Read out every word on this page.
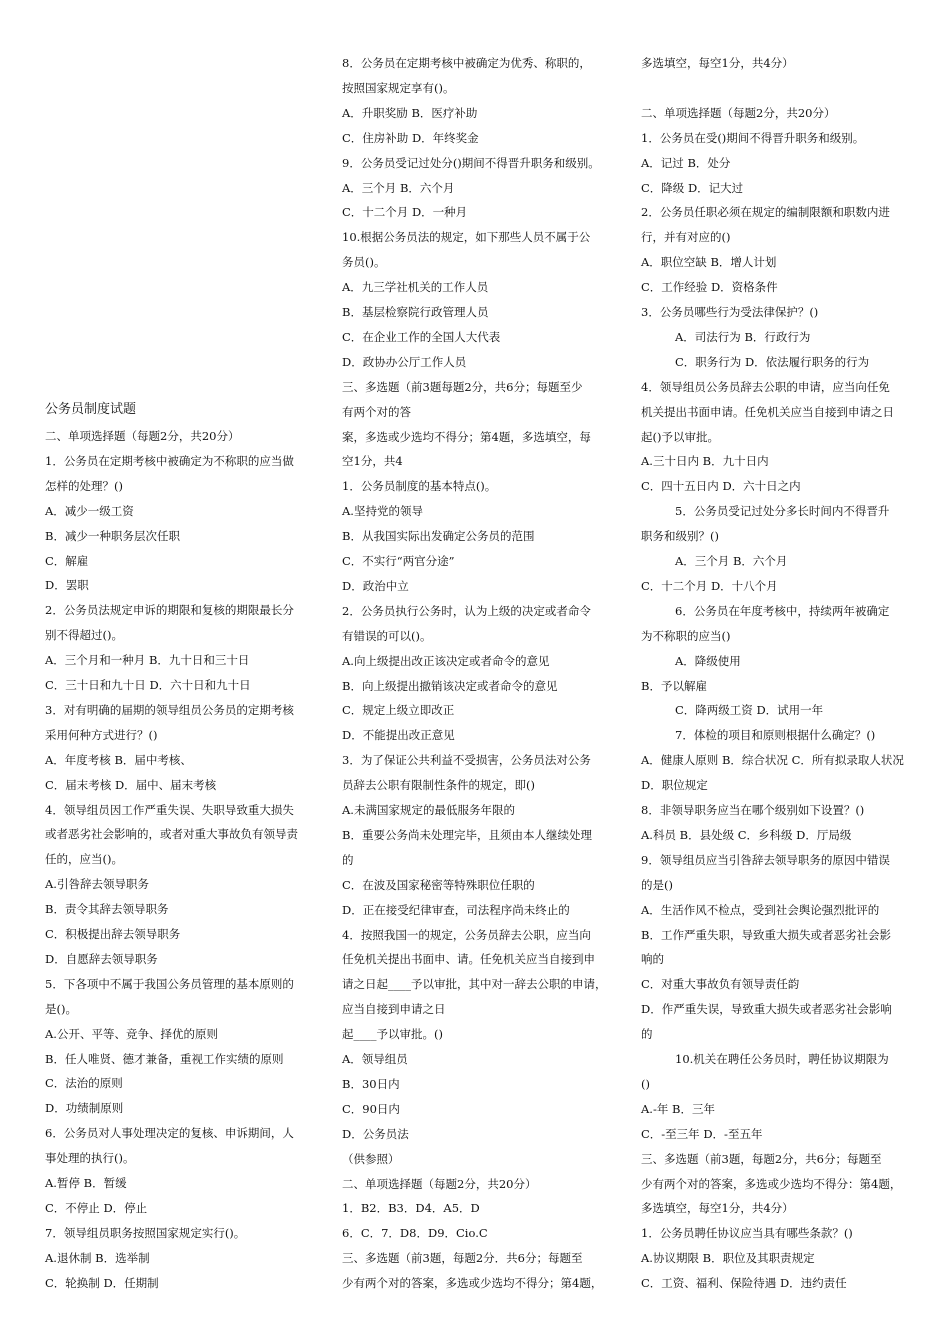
公务员制度试题
二、单项选择题（每题2分，共20分）
1．公务员在定期考核中被确定为不称职的应当做
怎样的处理？()
A．减少一级工资
B．减少一种职务层次任职
C．解雇
D．罢职
2．公务员法规定申诉的期限和复核的期限最长分
别不得超过()。
A．三个月和一种月 B．九十日和三十日
C．三十日和九十日 D．六十日和九十日
3．对有明确的届期的领导组员公务员的定期考核
采用何种方式进行？()
A．年度考核 B．届中考核、
C．届末考核 D．届中、届末考核
4．领导组员因工作严重失误、失职导致重大损失
或者恶劣社会影响的，或者对重大事故负有领导责
任的，应当()。
A.引咎辞去领导职务
B．责令其辞去领导职务
C．积极提出辞去领导职务
D．自愿辞去领导职务
5．下各项中不属于我国公务员管理的基本原则的
是()。
A.公开、平等、竞争、择优的原则
B．任人唯贤、德才兼备，重视工作实绩的原则
C．法治的原则
D．功绩制原则
6．公务员对人事处理决定的复核、申诉期间，人
事处理的执行()。
A.暂停 B．暂缓
C．不停止 D．停止
7．领导组员职务按照国家规定实行()。
A.退休制 B．选举制
C．轮换制 D．任期制
8．公务员在定期考核中被确定为优秀、称职的，
按照国家规定享有()。
A．升职奖励 B．医疗补助
C．住房补助 D．年终奖金
9．公务员受记过处分()期间不得晋升职务和级别。
A．三个月 B．六个月
C．十二个月 D．一种月
10.根据公务员法的规定，如下那些人员不属于公
务员()。
A．九三学社机关的工作人员
B．基层检察院行政管理人员
C．在企业工作的全国人大代表
D．政协办公厅工作人员
三、多选题（前3题每题2分，共6分；每题至少
有两个对的答
案，多选或少选均不得分；第4题，多选填空，每
空1分，共4
1．公务员制度的基本特点()。
A.坚持党的领导
B．从我国实际出发确定公务员的范围
C．不实行“两官分途”
D．政治中立
2．公务员执行公务时，认为上级的决定或者命令
有错误的可以()。
A.向上级提出改正该决定或者命令的意见
B．向上级提出撤销该决定或者命令的意见
C．规定上级立即改正
D．不能提出改正意见
3．为了保证公共利益不受损害，公务员法对公务
员辞去公职有限制性条件的规定，即()
A.未满国家规定的最低服务年限的
B．重要公务尚未处理完毕，且须由本人继续处理
的
C．在波及国家秘密等特殊职位任职的
D．正在接受纪律审查，司法程序尚未终止的
4．按照我国一的规定，公务员辞去公职，应当向
任免机关提出书面申、请。任免机关应当自接到申
请之日起____予以审批，其中对一辞去公职的申请，
应当自接到申请之日
起____予以审批。()
A．领导组员
B．30日内
C．90日内
D．公务员法
（供参照）
二、单项选择题（每题2分，共20分）
1．B2．B3．D4．A5．D
6．C．7．D8．D9．Cio.C
三、多选题（前3题，每题2分．共6分；每题至
少有两个对的答案，多选或少选均不得分；第4题，
多选填空，每空1分，共4分）
二、单项选择题（每题2分，共20分）
1．公务员在受()期间不得晋升职务和级别。
A．记过 B．处分
C．降级 D．记大过
2．公务员任职必须在规定的编制限额和职数内进
行，并有对应的()
A．职位空缺 B．增人计划
C．工作经验 D．资格条件
3．公务员哪些行为受法律保护？()
A．司法行为 B．行政行为
C．职务行为 D．依法履行职务的行为
4．领导组员公务员辞去公职的申请，应当向任免
机关提出书面申请。任免机关应当自接到申请之日
起()予以审批。
A.三十日内 B．九十日内
C．四十五日内 D．六十日之内
5．公务员受记过处分多长时间内不得晋升
职务和级别？()
A．三个月 B．六个月
C．十二个月 D．十八个月
6．公务员在年度考核中，持续两年被确定
为不称职的应当()
A．降级使用
B．予以解雇
C．降两级工资 D．试用一年
7．体检的项目和原则根据什么确定？()
A．健康人原则 B．综合状况 C．所有拟录取人状况
D．职位规定
8．非领导职务应当在哪个级别如下设置？()
A.科员 B．县处级 C．乡科级 D．厅局级
9．领导组员应当引咎辞去领导职务的原因中错误
的是()
A．生活作风不检点，受到社会舆论强烈批评的
B．工作严重失职，导致重大损失或者恶劣社会影
响的
C．对重大事故负有领导责任韵
D．作严重失误，导致重大损失或者恶劣社会影响
的
10.机关在聘任公务员时，聘任协议期限为
()
A.-年 B．三年
C．-至三年 D．-至五年
三、多选题（前3题，每题2分，共6分；每题至
少有两个对的答案，多选或少选均不得分：第4题，
多选填空，每空1分，共4分）
1．公务员聘任协议应当具有哪些条款？()
A.协议期限 B．职位及其职责规定
C．工资、福利、保险待遇 D．违约责任
